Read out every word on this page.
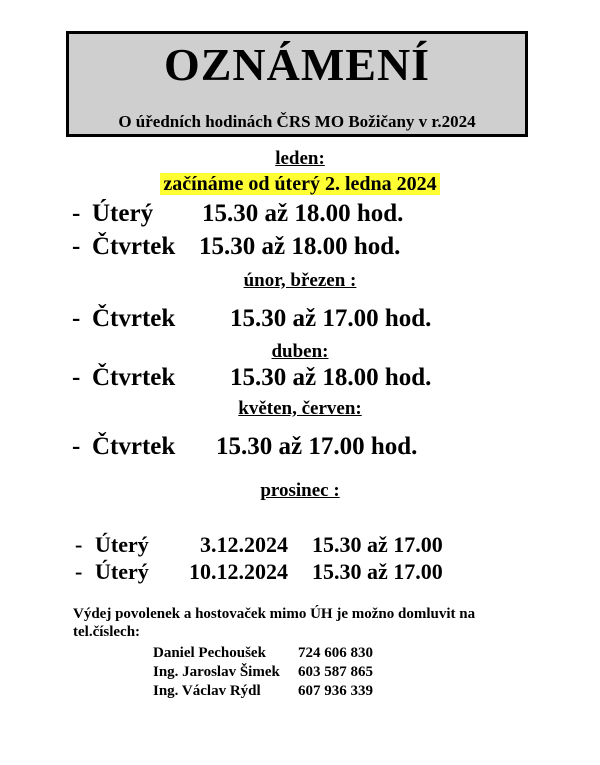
OZNÁMENÍ
O úředních hodinách ČRS MO Božičany v r.2024
leden:
začínáme od úterý 2. ledna 2024
- Úterý 15.30 až 18.00 hod.
- Čtvrtek 15.30 až 18.00 hod.
únor, březen :
- Čtvrtek 15.30 až 17.00 hod.
duben:
- Čtvrtek 15.30 až 18.00 hod.
květen, červen:
- Čtvrtek 15.30 až 17.00 hod.
prosinec :
- Úterý 3.12.2024 15.30 až 17.00
- Úterý 10.12.2024 15.30 až 17.00
Výdej povolenek a hostovaček mimo ÚH je možno domluvit na
tel.číslech:
Daniel Pechoušek 724 606 830
Ing. Jaroslav Šimek 603 587 865
Ing. Václav Rýdl 607 936 339
